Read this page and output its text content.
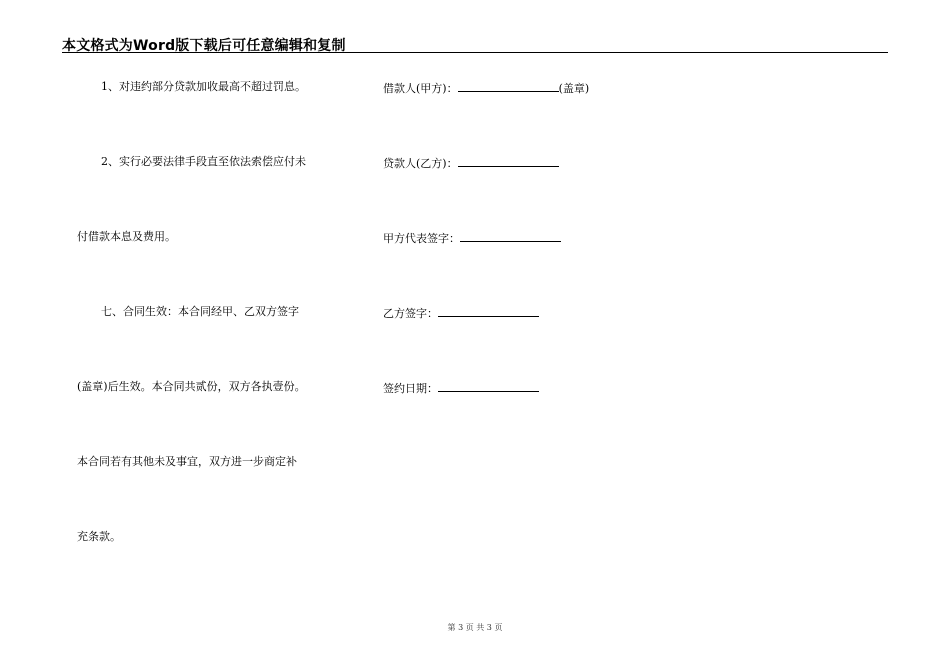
本文格式为Word版下载后可任意编辑和复制
1、对违约部分贷款加收最高不超过罚息。
2、实行必要法律手段直至依法索偿应付未
付借款本息及费用。
七、合同生效：本合同经甲、乙双方签字
(盖章)后生效。本合同共贰份，双方各执壹份。
本合同若有其他未及事宜，双方进一步商定补
充条款。
借款人(甲方)：	(盖章)
贷款人(乙方)：
甲方代表签字：
乙方签字：
签约日期：
第 3 页 共 3 页
